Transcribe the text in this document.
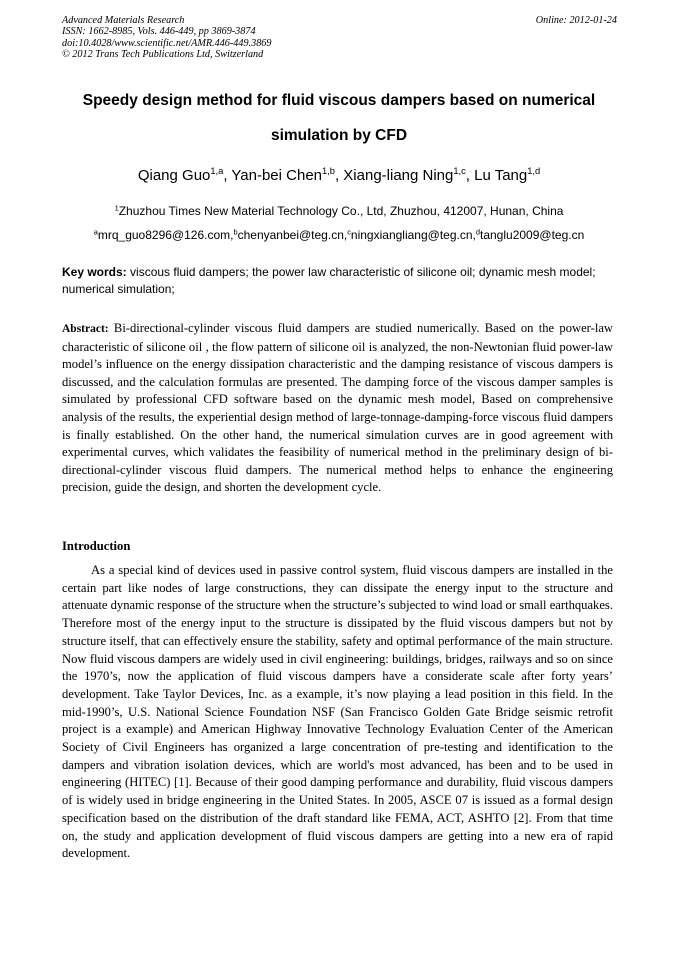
Advanced Materials Research
ISSN: 1662-8985, Vols. 446-449, pp 3869-3874
doi:10.4028/www.scientific.net/AMR.446-449.3869
© 2012 Trans Tech Publications Ltd, Switzerland
Online: 2012-01-24
Speedy design method for fluid viscous dampers based on numerical
simulation by CFD
Qiang Guo$^{1,a}$, Yan-bei Chen$^{1,b}$, Xiang-liang Ning$^{1,c}$, Lu Tang$^{1,d}$
$^1$Zhuzhou Times New Material Technology Co., Ltd, Zhuzhou, 412007, Hunan, China
$^a$mrq_guo8296@126.com,$^b$chenyanbei@teg.cn,$^c$ningxiangliang@teg.cn,$^d$tanglu2009@teg.cn
Key words: viscous fluid dampers; the power law characteristic of silicone oil; dynamic mesh model; numerical simulation;
Abstract: Bi-directional-cylinder viscous fluid dampers are studied numerically. Based on the power-law characteristic of silicone oil , the flow pattern of silicone oil is analyzed, the non-Newtonian fluid power-law model’s influence on the energy dissipation characteristic and the damping resistance of viscous dampers is discussed, and the calculation formulas are presented. The damping force of the viscous damper samples is simulated by professional CFD software based on the dynamic mesh model, Based on comprehensive analysis of the results, the experiential design method of large-tonnage-damping-force viscous fluid dampers is finally established. On the other hand, the numerical simulation curves are in good agreement with experimental curves, which validates the feasibility of numerical method in the preliminary design of bi-directional-cylinder viscous fluid dampers. The numerical method helps to enhance the engineering precision, guide the design, and shorten the development cycle.
Introduction

As a special kind of devices used in passive control system, fluid viscous dampers are installed in the certain part like nodes of large constructions, they can dissipate the energy input to the structure and attenuate dynamic response of the structure when the structure’s subjected to wind load or small earthquakes. Therefore most of the energy input to the structure is dissipated by the fluid viscous dampers but not by structure itself, that can effectively ensure the stability, safety and optimal performance of the main structure. Now fluid viscous dampers are widely used in civil engineering: buildings, bridges, railways and so on since the 1970’s, now the application of fluid viscous dampers have a considerate scale after forty years’ development. Take Taylor Devices, Inc. as a example, it’s now playing a lead position in this field. In the mid-1990’s, U.S. National Science Foundation NSF (San Francisco Golden Gate Bridge seismic retrofit project is a example) and American Highway Innovative Technology Evaluation Center of the American Society of Civil Engineers has organized a large concentration of pre-testing and identification to the dampers and vibration isolation devices, which are world's most advanced, has been and to be used in engineering (HITEC) [1]. Because of their good damping performance and durability, fluid viscous dampers of is widely used in bridge engineering in the United States. In 2005, ASCE 07 is issued as a formal design specification based on the distribution of the draft standard like FEMA, ACT, ASHTO [2]. From that time on, the study and application development of fluid viscous dampers are getting into a new era of rapid development.
